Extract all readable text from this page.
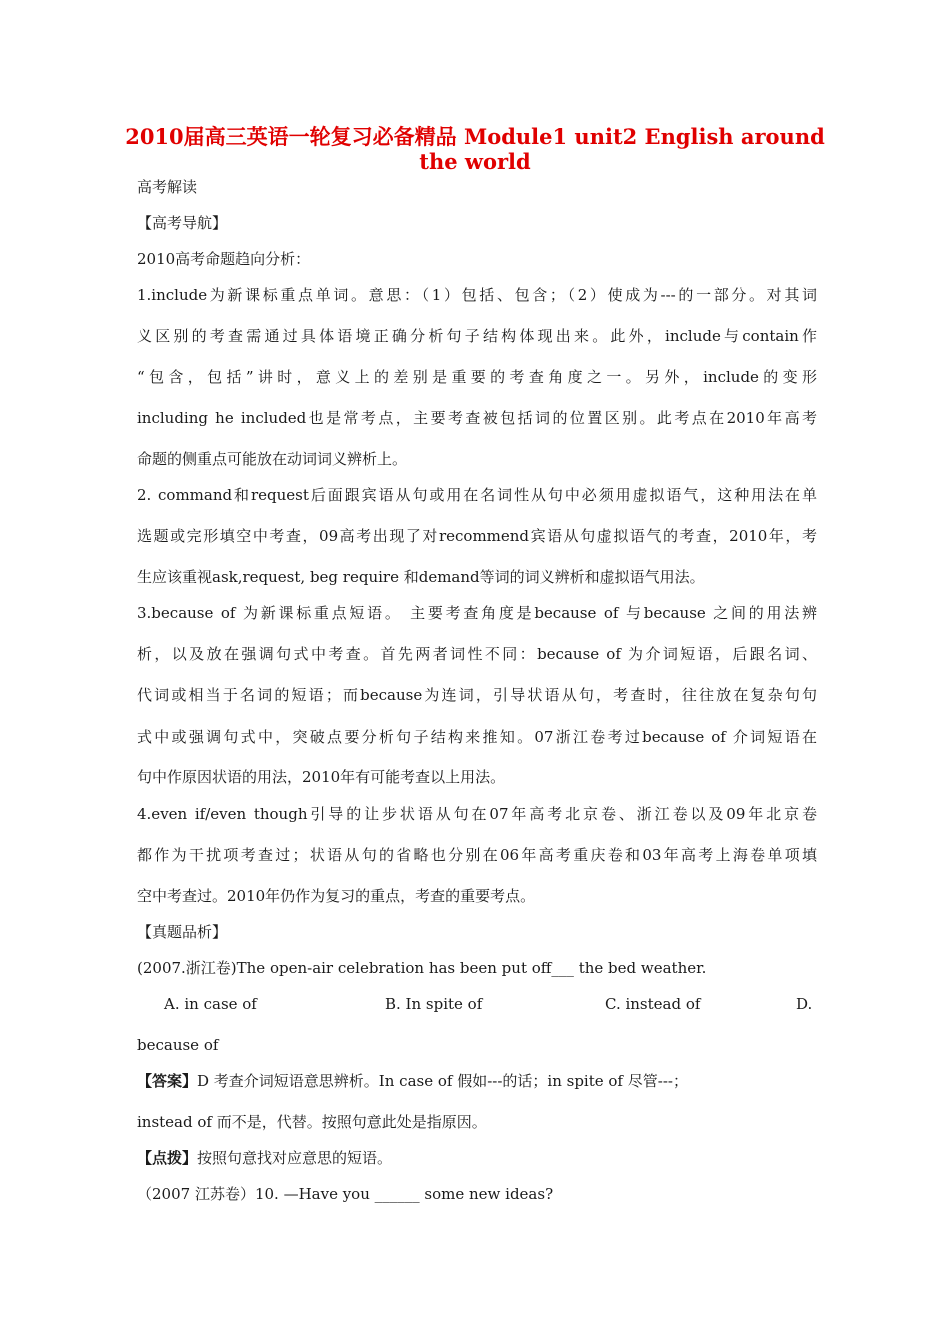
2010届高三英语一轮复习必备精品 Module1 unit2 English around
the world
高考解读
【高考导航】
2010高考命题趋向分析：
1.include为新课标重点单词。意思：（1）包括、包含；（2）使成为---的一部分。对其词
义区别的考查需通过具体语境正确分析句子结构体现出来。此外，include与contain作
“包含，包括”讲时，意义上的差别是重要的考查角度之一。另外，include的变形
including he included也是常考点，主要考查被包括词的位置区别。此考点在2010年高考
命题的侧重点可能放在动词词义辨析上。
2. command和request后面跟宾语从句或用在名词性从句中必须用虚拟语气，这种用法在单
选题或完形填空中考查，09高考出现了对recommend宾语从句虚拟语气的考查，2010年，考
生应该重视ask,request, beg require 和demand等词的词义辨析和虚拟语气用法。
3.because of 为新课标重点短语。 主要考查角度是because of 与because 之间的用法辨
析，以及放在强调句式中考查。首先两者词性不同：because of 为介词短语，后跟名词、
代词或相当于名词的短语；而because为连词，引导状语从句，考查时，往往放在复杂句句
式中或强调句式中，突破点要分析句子结构来推知。07浙江卷考过because of 介词短语在
句中作原因状语的用法，2010年有可能考查以上用法。
4.even if/even though引导的让步状语从句在07年高考北京卷、浙江卷以及09年北京卷
都作为干扰项考查过；状语从句的省略也分别在06年高考重庆卷和03年高考上海卷单项填
空中考查过。2010年仍作为复习的重点，考查的重要考点。
【真题品析】
(2007.浙江卷)The open-air celebration has been put off___ the bed weather.
A. in case of	B. In spite of	C. instead of	D.
because of
【答案】D 考查介词短语意思辨析。In case of 假如---的话；in spite of 尽管---；
instead of 而不是，代替。按照句意此处是指原因。
【点拨】按照句意找对应意思的短语。
（2007 江苏卷）10. —Have you ______ some new ideas?
